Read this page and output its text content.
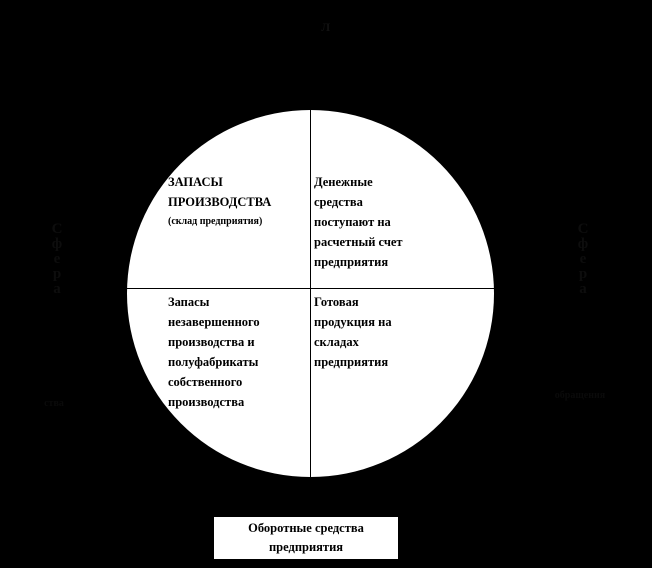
Л
ЗАПАСЫ
ПРОИЗВОДСТВА
(склад предприятия)
Денежные
средства
поступают на
расчетный счет
предприятия
Запасы
незавершенного
производства и
полуфабрикаты
собственного
производства
Готовая
продукция на
складах
предприятия
С
ф
е
р
а
ства
С
ф
е
р
а
обращения
Оборотные средства
предприятия
